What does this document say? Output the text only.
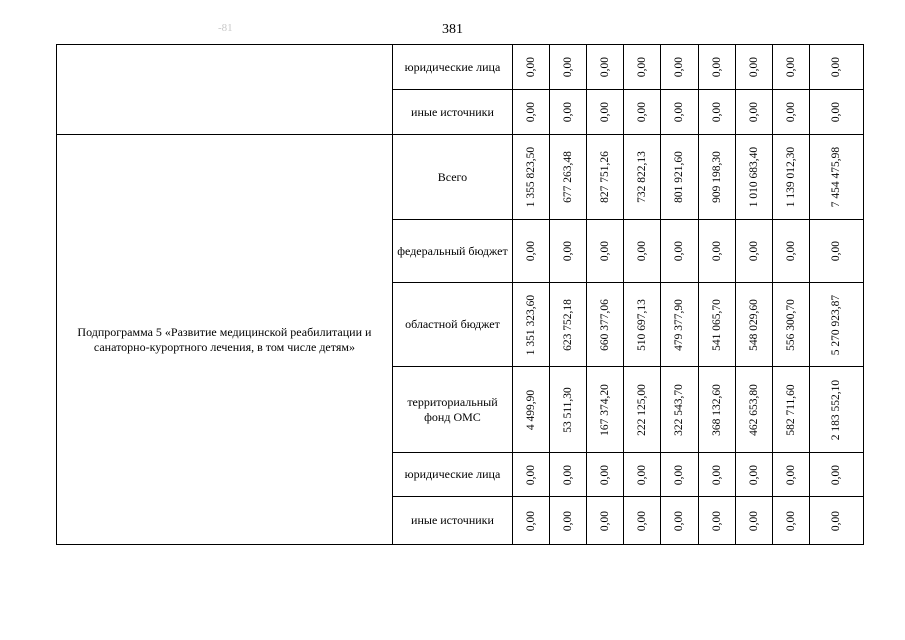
-81	381
	юридические лица	0,00	0,00	0,00	0,00	0,00	0,00	0,00	0,00	0,00

	иные источники	0,00	0,00	0,00	0,00	0,00	0,00	0,00	0,00	0,00

Подпрограмма 5 «Развитие медицинской реабилитации и санаторно-курортного лечения, в том числе детям»	Всего	1 355 823,50	677 263,48	827 751,26	732 822,13	801 921,60	909 198,30	1 010 683,40	1 139 012,30	7 454 475,98

	федеральный бюджет	0,00	0,00	0,00	0,00	0,00	0,00	0,00	0,00	0,00

	областной бюджет	1 351 323,60	623 752,18	660 377,06	510 697,13	479 377,90	541 065,70	548 029,60	556 300,70	5 270 923,87

	территориальный фонд ОМС	4 499,90	53 511,30	167 374,20	222 125,00	322 543,70	368 132,60	462 653,80	582 711,60	2 183 552,10

	юридические лица	0,00	0,00	0,00	0,00	0,00	0,00	0,00	0,00	0,00

	иные источники	0,00	0,00	0,00	0,00	0,00	0,00	0,00	0,00	0,00
